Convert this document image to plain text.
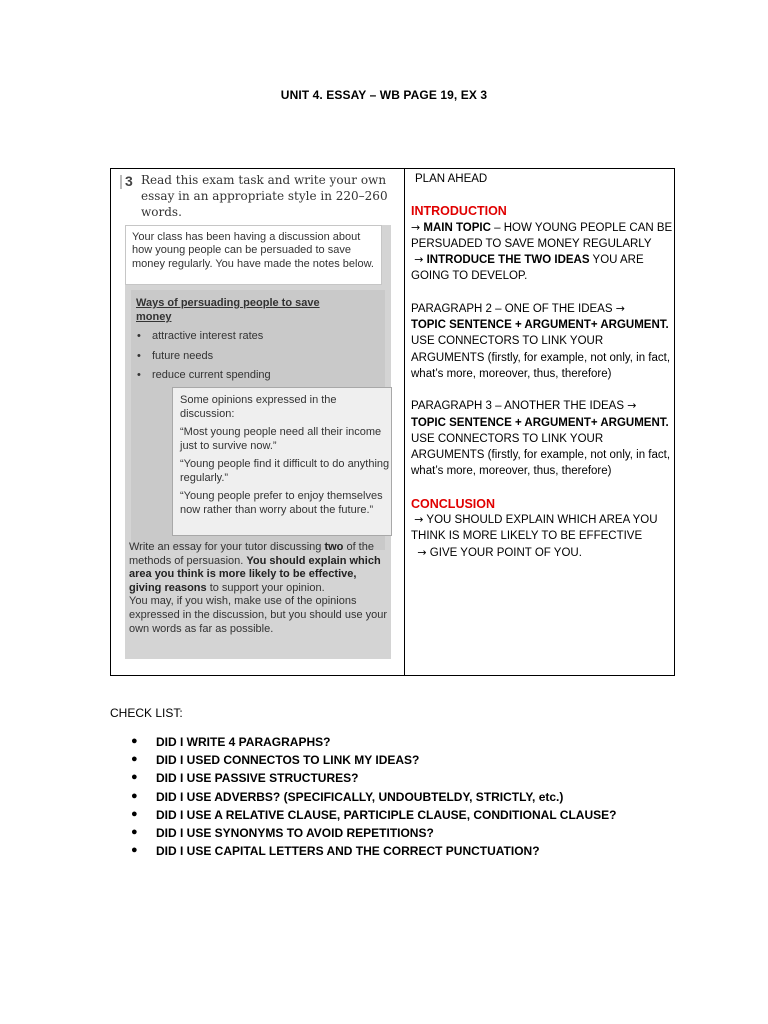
UNIT 4. ESSAY – WB PAGE 19, EX 3
3 Read this exam task and write your own essay in an appropriate style in 220–260 words.
Your class has been having a discussion about how young people can be persuaded to save money regularly. You have made the notes below.
Ways of persuading people to save money
• attractive interest rates
• future needs
• reduce current spending

Some opinions expressed in the discussion:

“Most young people need all their income just to survive now.”

“Young people find it difficult to do anything regularly.”

“Young people prefer to enjoy themselves now rather than worry about the future.”

Write an essay for your tutor discussing two of the methods of persuasion. You should explain which area you think is more likely to be effective, giving reasons to support your opinion.
You may, if you wish, make use of the opinions expressed in the discussion, but you should use your own words as far as possible.

PLAN AHEAD

INTRODUCTION

→ MAIN TOPIC – HOW YOUNG PEOPLE CAN BE PERSUADED TO SAVE MONEY REGULARLY

→ INTRODUCE THE TWO IDEAS YOU ARE GOING TO DEVELOP.

PARAGRAPH 2 – ONE OF THE IDEAS →

TOPIC SENTENCE + ARGUMENT+ ARGUMENT.

USE CONNECTORS TO LINK YOUR ARGUMENTS (firstly, for example, not only, in fact, what’s more, moreover, thus, therefore)

PARAGRAPH 3 – ANOTHER THE IDEAS →

TOPIC SENTENCE + ARGUMENT+ ARGUMENT.

USE CONNECTORS TO LINK YOUR ARGUMENTS (firstly, for example, not only, in fact, what’s more, moreover, thus, therefore)

CONCLUSION

→ YOU SHOULD EXPLAIN WHICH AREA YOU THINK IS MORE LIKELY TO BE EFFECTIVE

→ GIVE YOUR POINT OF YOU.

CHECK LIST:
● DID I WRITE 4 PARAGRAPHS?
● DID I USED CONNECTOS TO LINK MY IDEAS?
● DID I USE PASSIVE STRUCTURES?
● DID I USE ADVERBS? (SPECIFICALLY, UNDOUBTELDY, STRICTLY, etc.)
● DID I USE A RELATIVE CLAUSE, PARTICIPLE CLAUSE, CONDITIONAL CLAUSE?
● DID I USE SYNONYMS TO AVOID REPETITIONS?
● DID I USE CAPITAL LETTERS AND THE CORRECT PUNCTUATION?
